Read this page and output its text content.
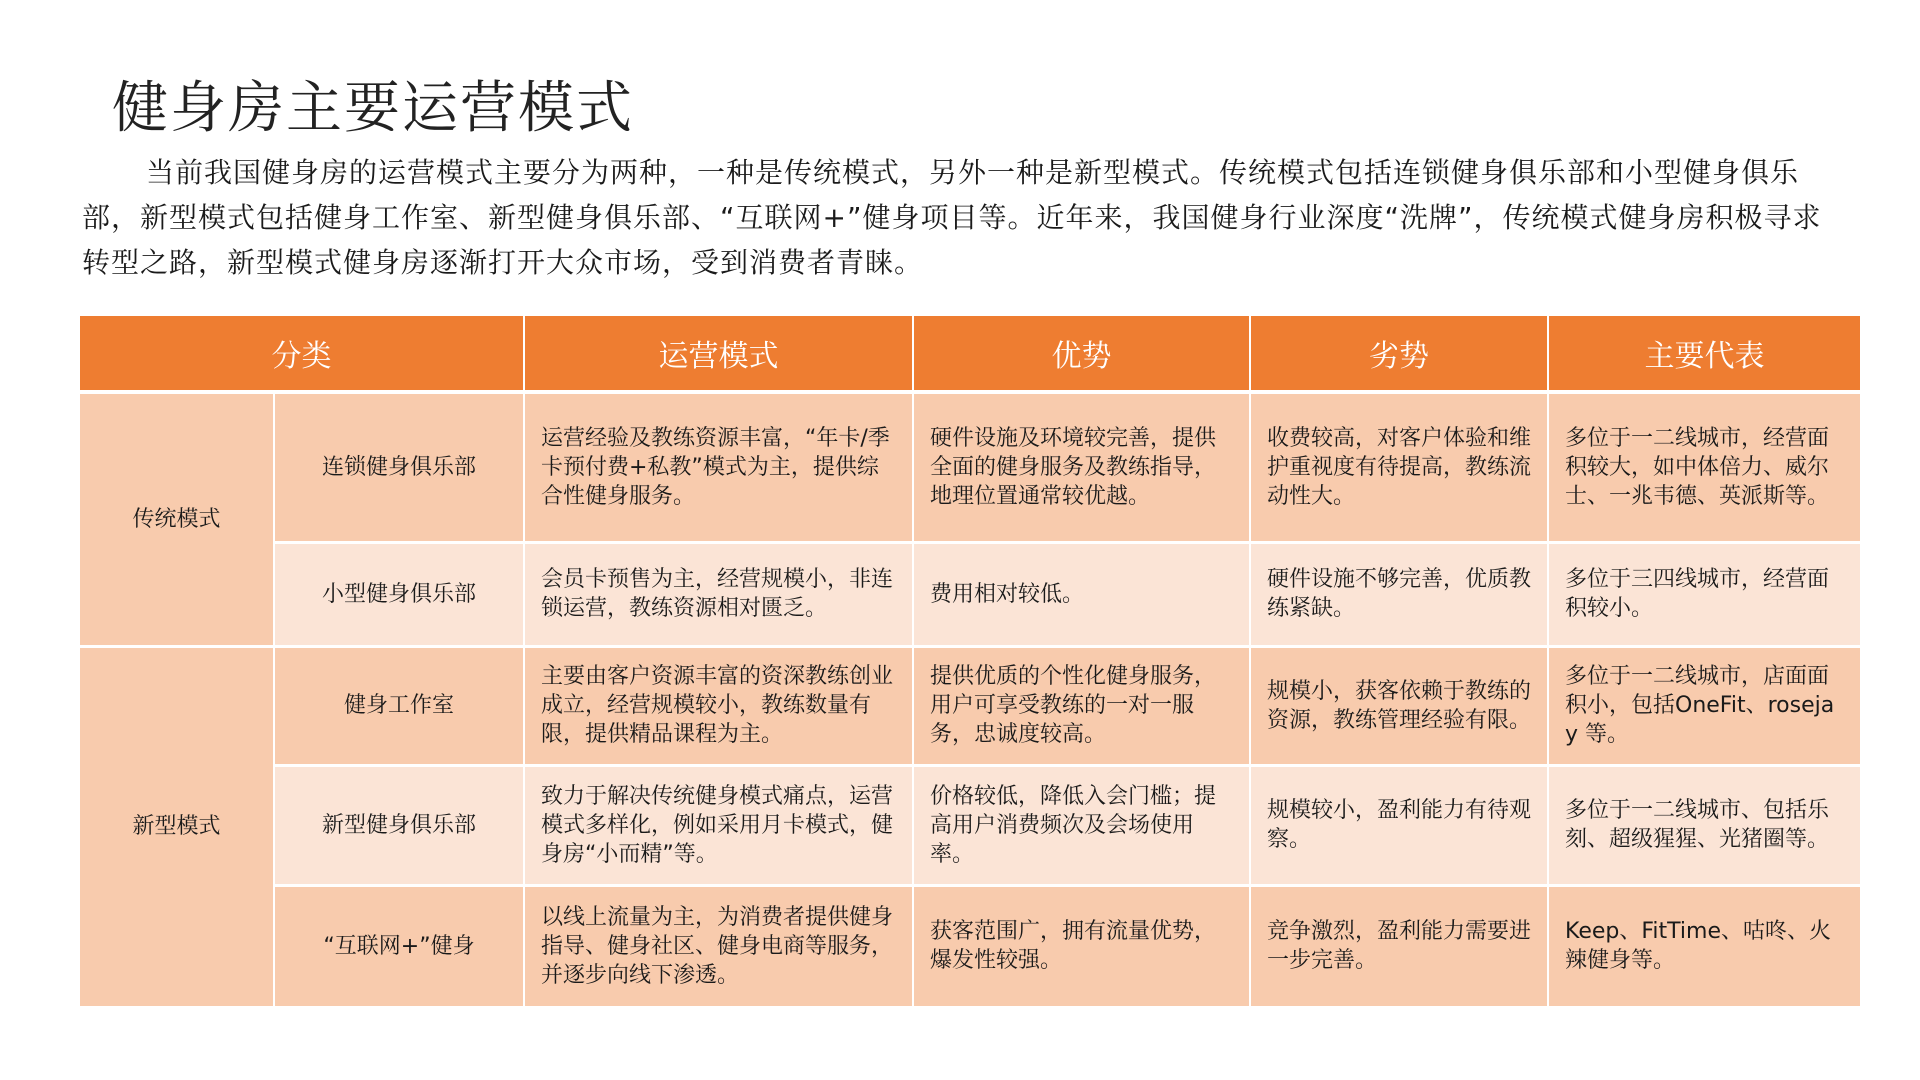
健身房主要运营模式
当前我国健身房的运营模式主要分为两种，一种是传统模式，另外一种是新型模式。传统模式包括连锁健身俱乐部和小型健身俱乐部，新型模式包括健身工作室、新型健身俱乐部、“互联网+”健身项目等。近年来，我国健身行业深度“洗牌”，传统模式健身房积极寻求转型之路，新型模式健身房逐渐打开大众市场，受到消费者青睐。
分类		运营模式	优势	劣势	主要代表
传统模式	连锁健身俱乐部	运营经验及教练资源丰富，“年卡/季卡预付费+私教”模式为主，提供综合性健身服务。	硬件设施及环境较完善，提供全面的健身服务及教练指导，地理位置通常较优越。	收费较高，对客户体验和维护重视度有待提高，教练流动性大。	多位于一二线城市，经营面积较大，如中体倍力、威尔士、一兆韦德、英派斯等。
	小型健身俱乐部	会员卡预售为主，经营规模小，非连锁运营，教练资源相对匮乏。	费用相对较低。	硬件设施不够完善，优质教练紧缺。	多位于三四线城市，经营面积较小。
新型模式	健身工作室	主要由客户资源丰富的资深教练创业成立，经营规模较小，教练数量有限，提供精品课程为主。	提供优质的个性化健身服务，用户可享受教练的一对一服务，忠诚度较高。	规模小，获客依赖于教练的资源，教练管理经验有限。	多位于一二线城市，店面面积小，包括OneFit、rosejay 等。
	新型健身俱乐部	致力于解决传统健身模式痛点，运营模式多样化，例如采用月卡模式，健身房“小而精”等。	价格较低，降低入会门槛；提高用户消费频次及会场使用率。	规模较小，盈利能力有待观察。	多位于一二线城市、包括乐刻、超级猩猩、光猪圈等。
	“互联网+”健身	以线上流量为主，为消费者提供健身指导、健身社区、健身电商等服务，并逐步向线下渗透。	获客范围广，拥有流量优势，爆发性较强。	竞争激烈，盈利能力需要进一步完善。	Keep、FitTime、咕咚、火辣健身等。
